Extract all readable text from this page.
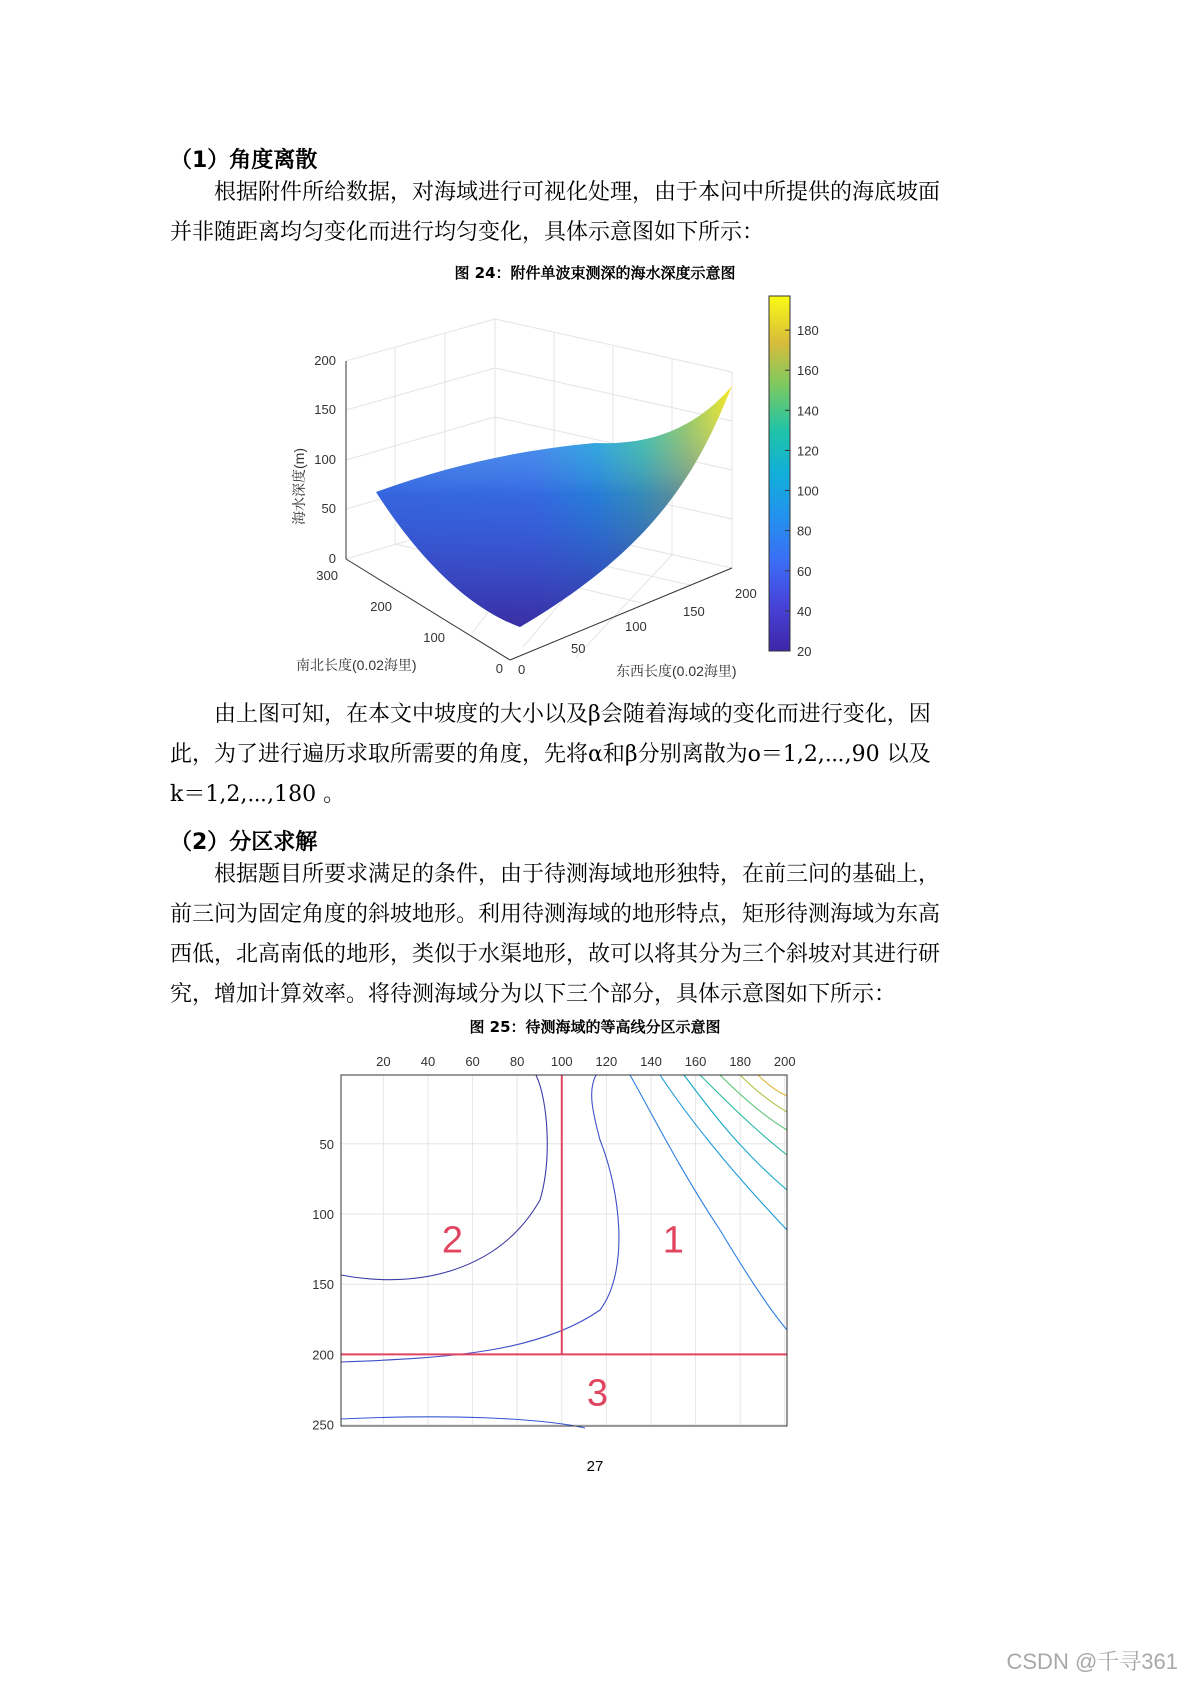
（1）角度离散
根据附件所给数据，对海域进行可视化处理，由于本问中所提供的海底坡面
并非随距离均匀变化而进行均匀变化，具体示意图如下所示：
图 24：附件单波束测深的海水深度示意图
200
150
100
50
0
海水深度(m)
300
200
100
0
南北长度(0.02海里)	0
50
100
150
200
东西长度(0.02海里)
20
40
60
80
100
120
140
160
180
由上图可知，在本文中坡度的大小以及β会随着海域的变化而进行变化，因
此，为了进行遍历求取所需要的角度，先将α和β分别离散为o＝1,2,⋯,90 以及
k＝1,2,⋯,180 。
（2）分区求解
根据题目所要求满足的条件，由于待测海域地形独特，在前三问的基础上，
前三问为固定角度的斜坡地形。利用待测海域的地形特点，矩形待测海域为东高
西低，北高南低的地形，类似于水渠地形，故可以将其分为三个斜坡对其进行研
究，增加计算效率。将待测海域分为以下三个部分，具体示意图如下所示：
图 25：待测海域的等高线分区示意图
20 40 60 80 100 120 140 160 180 200
50
100
150
200
250
2	1
3
27
CSDN @千寻361
